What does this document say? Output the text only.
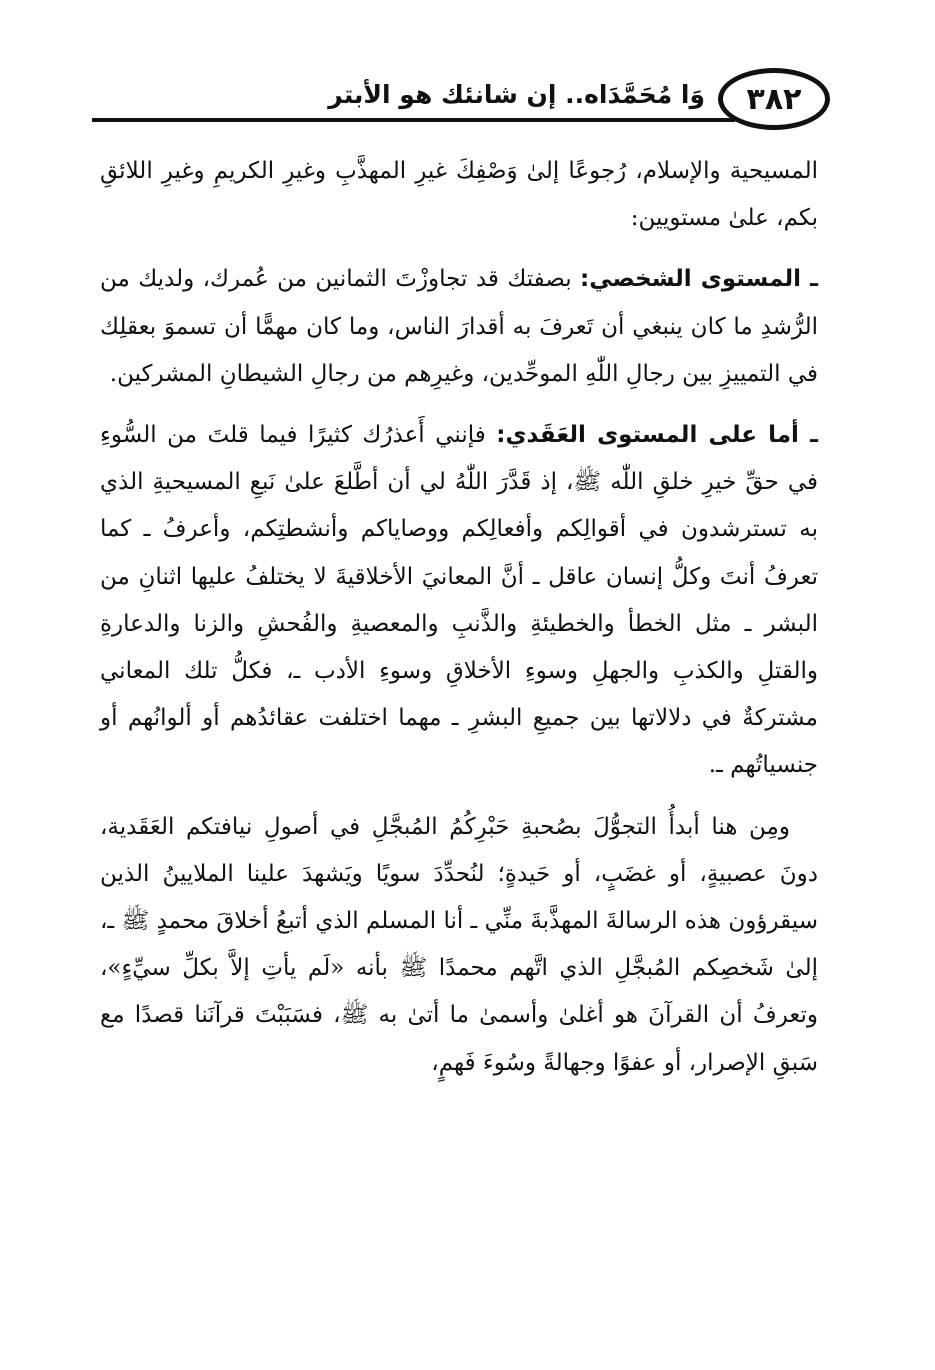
٣٨٢
وَا مُحَمَّدَاه.. إن شانئك هو الأبتر

المسيحية والإسلام، رُجوعًا إلىٰ وَصْفِكَ غيرِ المهذَّبِ وغيرِ الكريمِ وغيرِ اللائقِ بكم، علىٰ مستويين:

ـ المستوى الشخصي: بصفتك قد تجاوزْتَ الثمانين من عُمرك، ولديك من الرُّشدِ ما كان ينبغي أن تَعرفَ به أقدارَ الناس، وما كان مهمًّا أن تسموَ بعقلِك في التمييزِ بين رجالِ اللّٰهِ الموحِّدين، وغيرِهم من رجالِ الشيطانِ المشركين.

ـ أما على المستوى العَقَدي: فإنني أَعذرُك كثيرًا فيما قلتَ من السُّوءِ في حقِّ خيرِ خلقِ اللّٰه ﷺ، إذ قَدَّرَ اللّٰهُ لي أن أطَّلعَ علىٰ نَبعِ المسيحيةِ الذي به تسترشدون في أقوالِكم وأفعالِكم ووصاياكم وأنشطتِكم، وأعرفُ ـ كما تعرفُ أنتَ وكلُّ إنسان عاقل ـ أنَّ المعانيَ الأخلاقيةَ لا يختلفُ عليها اثنانِ من البشر ـ مثل الخطأ والخطيئةِ والذَّنبِ والمعصيةِ والفُحشِ والزنا والدعارةِ والقتلِ والكذبِ والجهلِ وسوءِ الأخلاقِ وسوءِ الأدب ـ، فكلُّ تلك المعاني مشتركةٌ في دلالاتها بين جميعِ البشرِ ـ مهما اختلفت عقائدُهم أو ألوانُهم أو جنسياتُهم ـ.

ومِن هنا أبدأُ التجوُّلَ بصُحبةِ حَبْرِكُمُ المُبجَّلِ في أصولِ نيافتكم العَقَدية، دونَ عصبيةٍ، أو غضَبٍ، أو حَيدةٍ؛ لنُحدِّدَ سويًا ويَشهدَ علينا الملايينُ الذين سيقرؤون هذه الرسالةَ المهذَّبةَ منِّي ـ أنا المسلم الذي أتبعُ أخلاقَ محمدٍ ﷺ ـ، إلىٰ شَخصِكم المُبجَّلِ الذي اتَّهم محمدًا ﷺ بأنه «لَم يأتِ إلاَّ بكلِّ سيِّءٍ»، وتعرفُ أن القرآنَ هو أغلىٰ وأسمىٰ ما أتىٰ به ﷺ، فسَبَبْتَ قرآنَنا قصدًا مع سَبقِ الإصرار، أو عفوًا وجهالةً وسُوءَ فَهمٍ،
